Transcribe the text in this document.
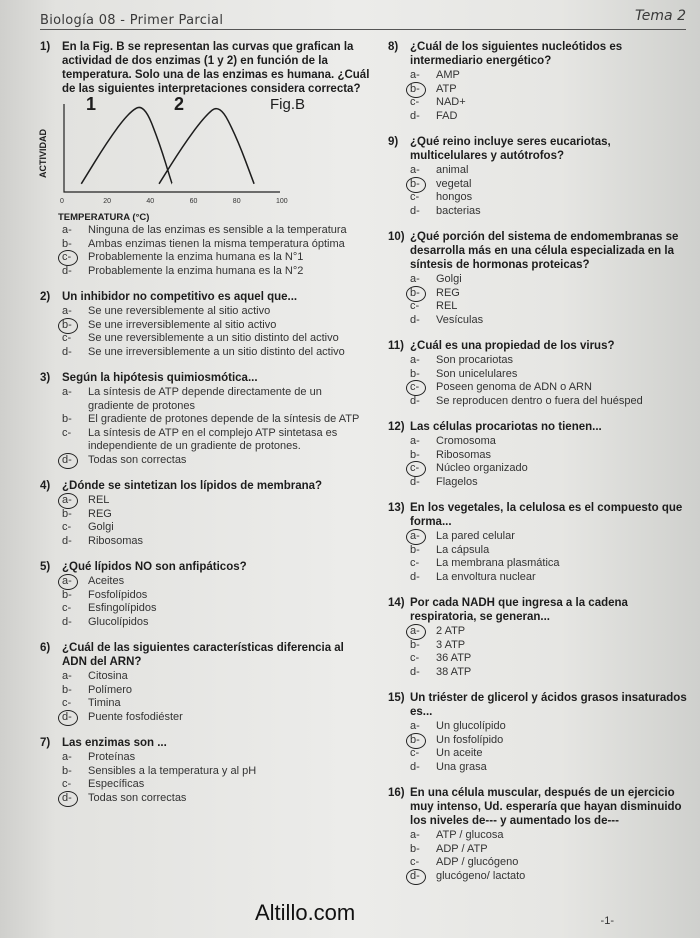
Biología 08 - Primer Parcial	Tema 2
1)	En la Fig. B se representan las curvas que grafican la actividad de dos enzimas (1 y 2) en función de la temperatura. Solo una de las enzimas es humana. ¿Cuál de las siguientes interpretaciones considera correcta?
0	20	40	60	80	100
ACTIVIDAD
Fig.B
1	2
TEMPERATURA (°C)
a-	Ninguna de las enzimas es sensible a la temperatura
b-	Ambas enzimas tienen la misma temperatura óptima
c-	Probablemente la enzima humana es la N°1
d-	Probablemente la enzima humana es la N°2
2)	Un inhibidor no competitivo es aquel que...
a-	Se une reversiblemente al sitio activo
b-	Se une irreversiblemente al sitio activo
c-	Se une reversiblemente a un sitio distinto del activo
d-	Se une irreversiblemente a un sitio distinto del activo
3)	Según la hipótesis quimiosmótica...
a-	La síntesis de ATP depende directamente de un gradiente de protones
b-	El gradiente de protones depende de la síntesis de ATP
c-	La síntesis de ATP en el complejo ATP sintetasa es independiente de un gradiente de protones.
d-	Todas son correctas
4)	¿Dónde se sintetizan los lípidos de membrana?
a-	REL
b-	REG
c-	Golgi
d-	Ribosomas
5)	¿Qué lípidos NO son anfipáticos?
a-	Aceites
b-	Fosfolípidos
c-	Esfingolípidos
d-	Glucolípidos
6)	¿Cuál de las siguientes características diferencia al ADN del ARN?
a-	Citosina
b-	Polímero
c-	Timina
d-	Puente fosfodiéster
7)	Las enzimas son ...
a-	Proteínas
b-	Sensibles a la temperatura y al pH
c-	Específicas
d-	Todas son correctas
8)	¿Cuál de los siguientes nucleótidos es intermediario energético?
a-	AMP
b-	ATP
c-	NAD+
d-	FAD
9)	¿Qué reino incluye seres eucariotas, multicelulares y autótrofos?
a-	animal
b-	vegetal
c-	hongos
d-	bacterias
10) ¿Qué porción del sistema de endomembranas se desarrolla más en una célula especializada en la síntesis de hormonas proteicas?
a-	Golgi
b-	REG
c-	REL
d-	Vesículas
11) ¿Cuál es una propiedad de los virus?
a-	Son procariotas
b-	Son unicelulares
c-	Poseen genoma de ADN o ARN
d-	Se reproducen dentro o fuera del huésped
12) Las células procariotas no tienen...
a-	Cromosoma
b-	Ribosomas
c-	Núcleo organizado
d-	Flagelos
13) En los vegetales, la celulosa es el compuesto que forma...
a-	La pared celular
b-	La cápsula
c-	La membrana plasmática
d-	La envoltura nuclear
14) Por cada NADH que ingresa a la cadena respiratoria, se generan...
a-	2 ATP
b-	3 ATP
c-	36 ATP
d-	38 ATP
15) Un triéster de glicerol y ácidos grasos insaturados es...
a-	Un glucolípido
b-	Un fosfolípido
c-	Un aceite
d-	Una grasa
16) En una célula muscular, después de un ejercicio muy intenso, Ud. esperaría que hayan disminuido los niveles de--- y aumentado los de---
a-	ATP / glucosa
b-	ADP / ATP
c-	ADP / glucógeno
d-	glucógeno/ lactato
Altillo.com	-1-
